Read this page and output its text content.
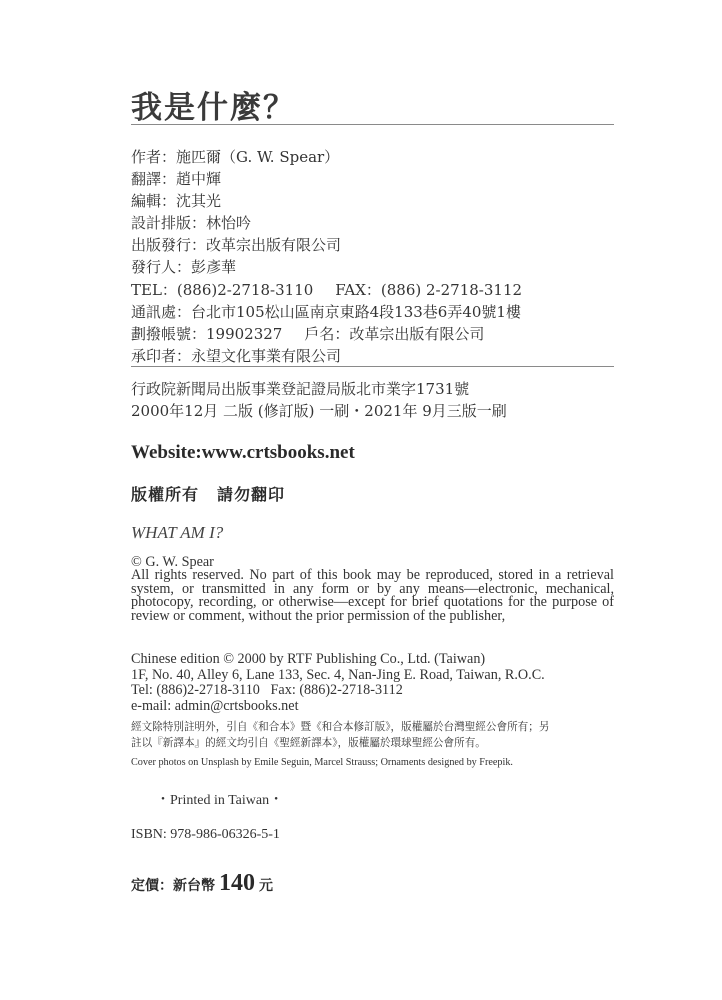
我是什麼？
作者：施匹爾（G. W. Spear）
翻譯：趙中輝
編輯：沈其光
設計排版：林怡吟
出版發行：改革宗出版有限公司
發行人：彭彥華
TEL：(886)2-2718-3110 FAX：(886) 2-2718-3112
通訊處：台北市105松山區南京東路4段133巷6弄40號1樓
劃撥帳號：19902327 戶名：改革宗出版有限公司
承印者：永望文化事業有限公司
行政院新聞局出版事業登記證局版北市業字1731號
2000年12月 二版 (修訂版) 一刷・2021年 9月三版一刷
Website:www.crtsbooks.net
版權所有 請勿翻印
WHAT AM I?
© G. W. Spear
All rights reserved. No part of this book may be reproduced, stored in a retrieval system, or transmitted in any form or by any means—electronic, mechanical, photocopy, recording, or otherwise—except for brief quotations for the purpose of review or comment, without the prior permission of the publisher,
Chinese edition © 2000 by RTF Publishing Co., Ltd. (Taiwan)
1F, No. 40, Alley 6, Lane 133, Sec. 4, Nan-Jing E. Road, Taiwan, R.O.C.
Tel: (886)2-2718-3110 Fax: (886)2-2718-3112
e-mail: admin@crtsbooks.net
經文除特別註明外，引自《和合本》暨《和合本修訂版》，版權屬於台灣聖經公會所有；另
註以『新譯本』的經文均引自《聖經新譯本》，版權屬於環球聖經公會所有。
Cover photos on Unsplash by Emile Seguin, Marcel Strauss; Ornaments designed by Freepik.
・Printed in Taiwan・
ISBN: 978-986-06326-5-1
定價：新台幣 140 元
